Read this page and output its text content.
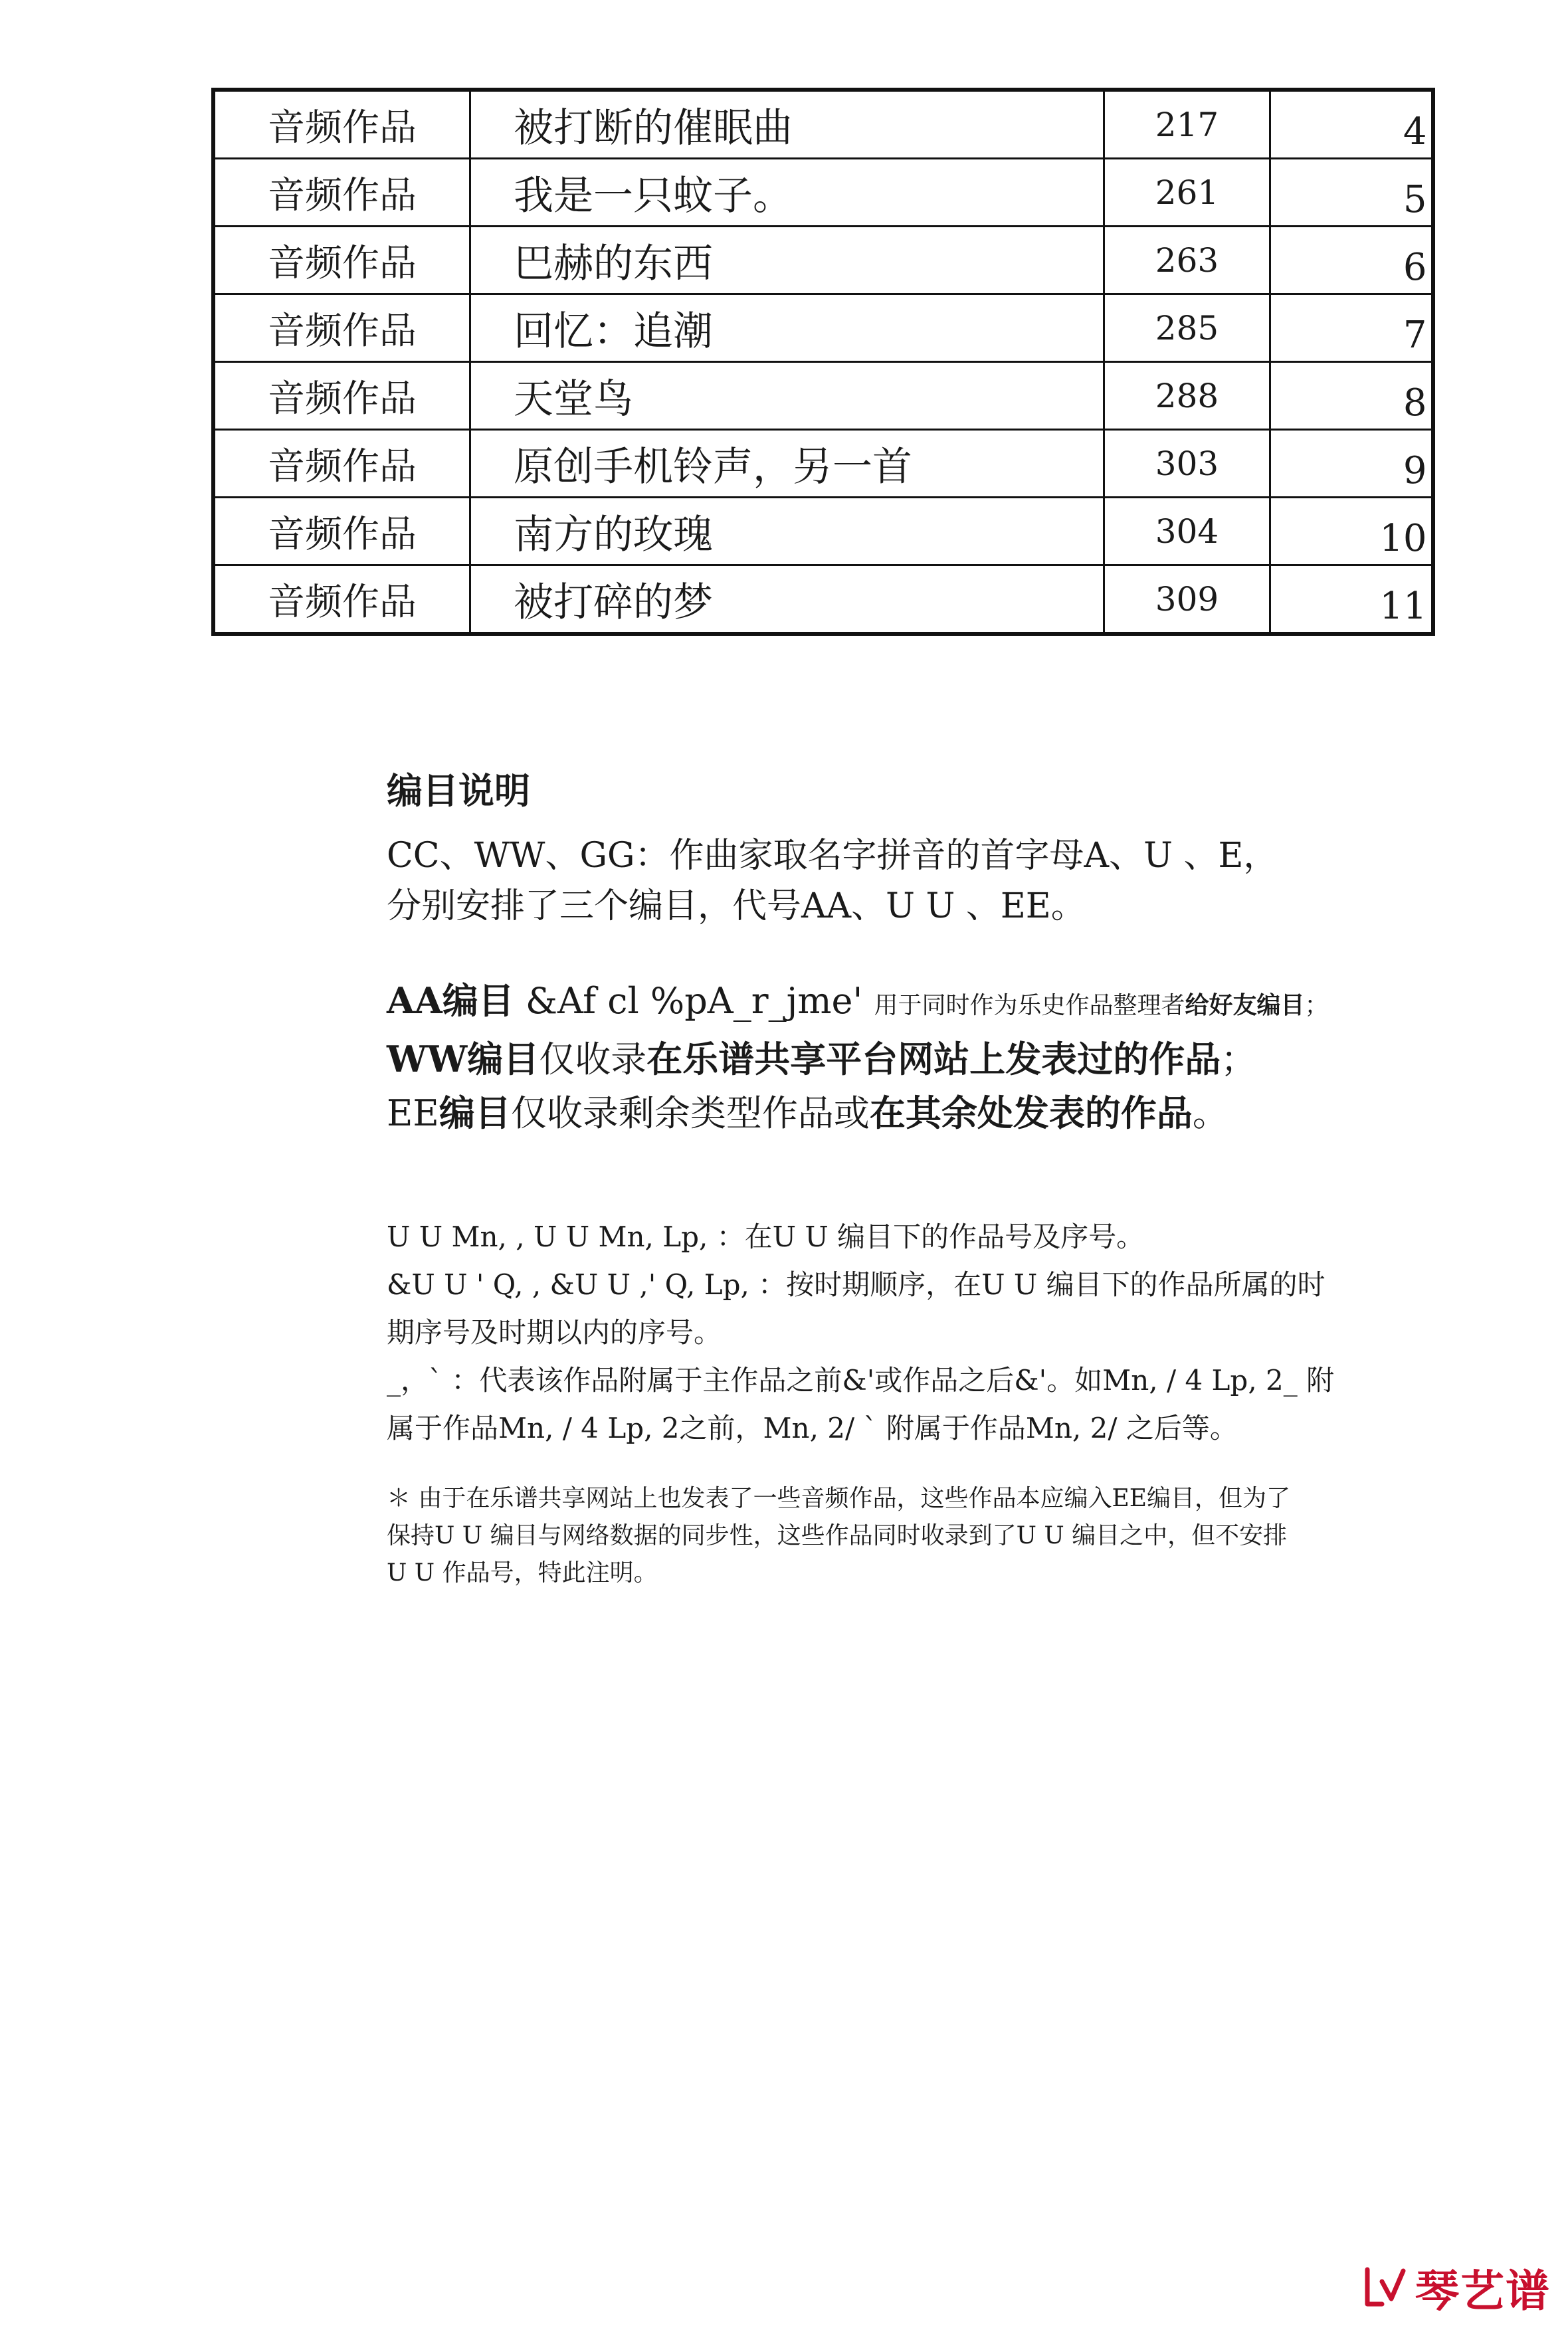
音频作品	被打断的催眠曲	217	4
音频作品	我是一只蚊子。	261	5
音频作品	巴赫的东西	263	6
音频作品	回忆：追潮	285	7
音频作品	天堂鸟	288	8
音频作品	原创手机铃声，另一首	303	9
音频作品	南方的玫瑰	304	10
音频作品	被打碎的梦	309	11
编目说明

CC、WW、GG：作曲家取名字拼音的首字母A、U 、E，

分别安排了三个编目，代号AA、U U 、EE。

AA编目 &Af cl %pA_r_jme' 用于同时作为乐史作品整理者给好友编目；

WW编目仅收录在乐谱共享平台网站上发表过的作品；

EE编目仅收录剩余类型作品或在其余处发表的作品。

U U Mn, , U U Mn, Lp, ：在U U 编目下的作品号及序号。

&U U ' Q, , &U U ,' Q, Lp, ：按时期顺序，在U U 编目下的作品所属的时

期序号及时期以内的序号。

_，` ：代表该作品附属于主作品之前&'或作品之后&'。如Mn, / 4 Lp, 2_ 附

属于作品Mn, / 4 Lp, 2之前，Mn, 2/ ` 附属于作品Mn, 2/ 之后等。

＊ 由于在乐谱共享网站上也发表了一些音频作品，这些作品本应编入EE编目，但为了

保持U U 编目与网络数据的同步性，这些作品同时收录到了U U 编目之中，但不安排

U U 作品号，特此注明。

琴艺谱
